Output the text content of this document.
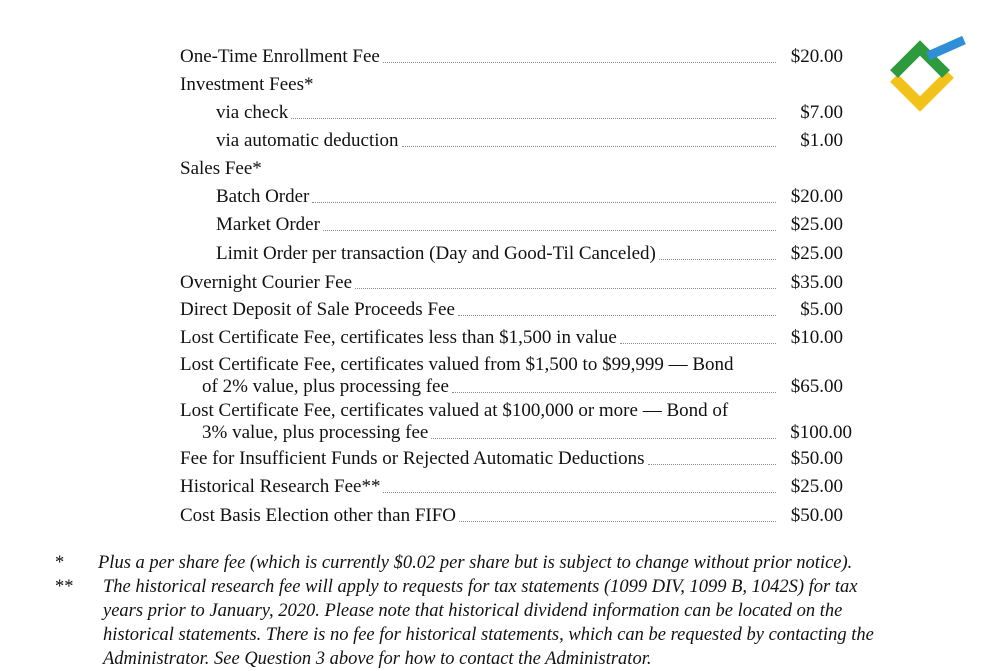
One-Time Enrollment Fee	$20.00
Investment Fees*
via check	$7.00
via automatic deduction	$1.00
Sales Fee*
Batch Order	$20.00
Market Order	$25.00
Limit Order per transaction (Day and Good-Til Canceled)	$25.00
Overnight Courier Fee	$35.00
Direct Deposit of Sale Proceeds Fee	$5.00
Lost Certificate Fee, certificates less than $1,500 in value	$10.00
Lost Certificate Fee, certificates valued from $1,500 to $99,999 — Bond
of 2% value, plus processing fee	$65.00
Lost Certificate Fee, certificates valued at $100,000 or more — Bond of
3% value, plus processing fee	$100.00
Fee for Insufficient Funds or Rejected Automatic Deductions	$50.00
Historical Research Fee**	$25.00
Cost Basis Election other than FIFO	$50.00
* Plus a per share fee (which is currently $0.02 per share but is subject to change without prior notice).
** The historical research fee will apply to requests for tax statements (1099 DIV, 1099 B, 1042S) for tax
years prior to January, 2020. Please note that historical dividend information can be located on the
historical statements. There is no fee for historical statements, which can be requested by contacting the
Administrator. See Question 3 above for how to contact the Administrator.
